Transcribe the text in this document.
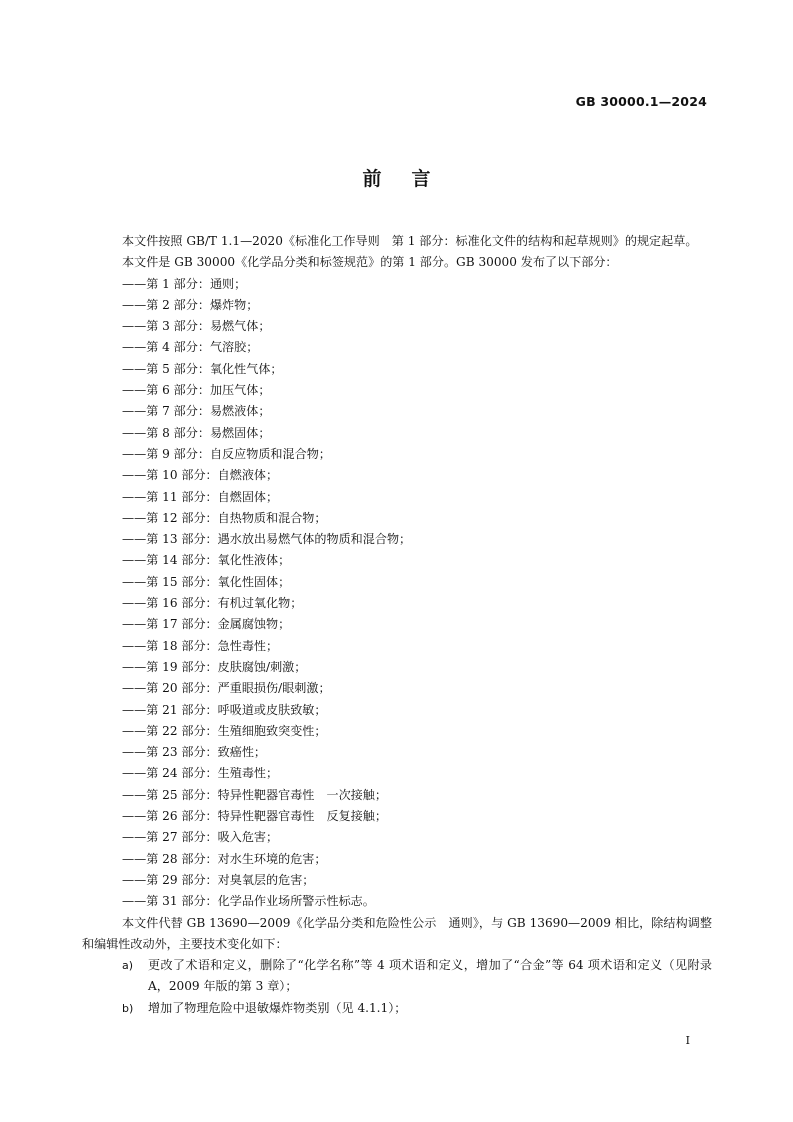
GB 30000.1—2024
前言

本文件按照 GB/T 1.1—2020《标准化工作导则　第 1 部分：标准化文件的结构和起草规则》的规定起草。

本文件是 GB 30000《化学品分类和标签规范》的第 1 部分。GB 30000 发布了以下部分：

——第 1 部分：通则；
——第 2 部分：爆炸物；
——第 3 部分：易燃气体；
——第 4 部分：气溶胶；
——第 5 部分：氧化性气体；
——第 6 部分：加压气体；
——第 7 部分：易燃液体；
——第 8 部分：易燃固体；
——第 9 部分：自反应物质和混合物；
——第 10 部分：自燃液体；
——第 11 部分：自燃固体；
——第 12 部分：自热物质和混合物；
——第 13 部分：遇水放出易燃气体的物质和混合物；
——第 14 部分：氧化性液体；
——第 15 部分：氧化性固体；
——第 16 部分：有机过氧化物；
——第 17 部分：金属腐蚀物；
——第 18 部分：急性毒性；
——第 19 部分：皮肤腐蚀/刺激；
——第 20 部分：严重眼损伤/眼刺激；
——第 21 部分：呼吸道或皮肤致敏；
——第 22 部分：生殖细胞致突变性；
——第 23 部分：致癌性；
——第 24 部分：生殖毒性；
——第 25 部分：特异性靶器官毒性　一次接触；
——第 26 部分：特异性靶器官毒性　反复接触；
——第 27 部分：吸入危害；
——第 28 部分：对水生环境的危害；
——第 29 部分：对臭氧层的危害；
——第 31 部分：化学品作业场所警示性标志。

本文件代替 GB 13690—2009《化学品分类和危险性公示　通则》，与 GB 13690—2009 相比，除结构调整和编辑性改动外，主要技术变化如下：

a)	更改了术语和定义，删除了“化学名称”等 4 项术语和定义，增加了“合金”等 64 项术语和定义（见附录 A，2009 年版的第 3 章）；
b)	增加了物理危险中退敏爆炸物类别（见 4.1.1）；
I
